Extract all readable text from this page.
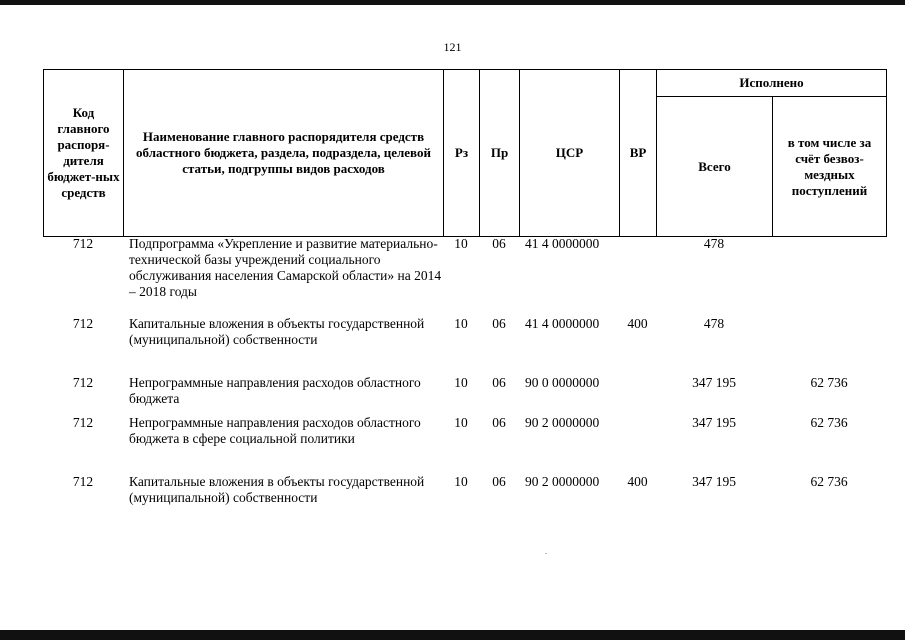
121
Код главного распоря-дителя бюджет-ных средств	Наименование главного распорядителя средств областного бюджета, раздела, подраздела, целевой статьи, подгруппы видов расходов	Рз	Пр	ЦСР	ВР	Исполнено	
						Всего	в том числе за счёт безвоз-мездных поступлений
712	Подпрограмма «Укрепление и развитие материально-технической базы учреждений социального обслуживания населения Самарской области» на 2014 – 2018 годы	10	06	41 4 0000000		478	
712	Капитальные вложения в объекты государственной (муниципальной) собственности	10	06	41 4 0000000	400	478	
712	Непрограммные направления расходов областного бюджета	10	06	90 0 0000000		347 195	62 736
712	Непрограммные направления расходов областного бюджета в сфере социальной политики	10	06	90 2 0000000		347 195	62 736
712	Капитальные вложения в объекты государственной (муниципальной) собственности	10	06	90 2 0000000	400	347 195	62 736
